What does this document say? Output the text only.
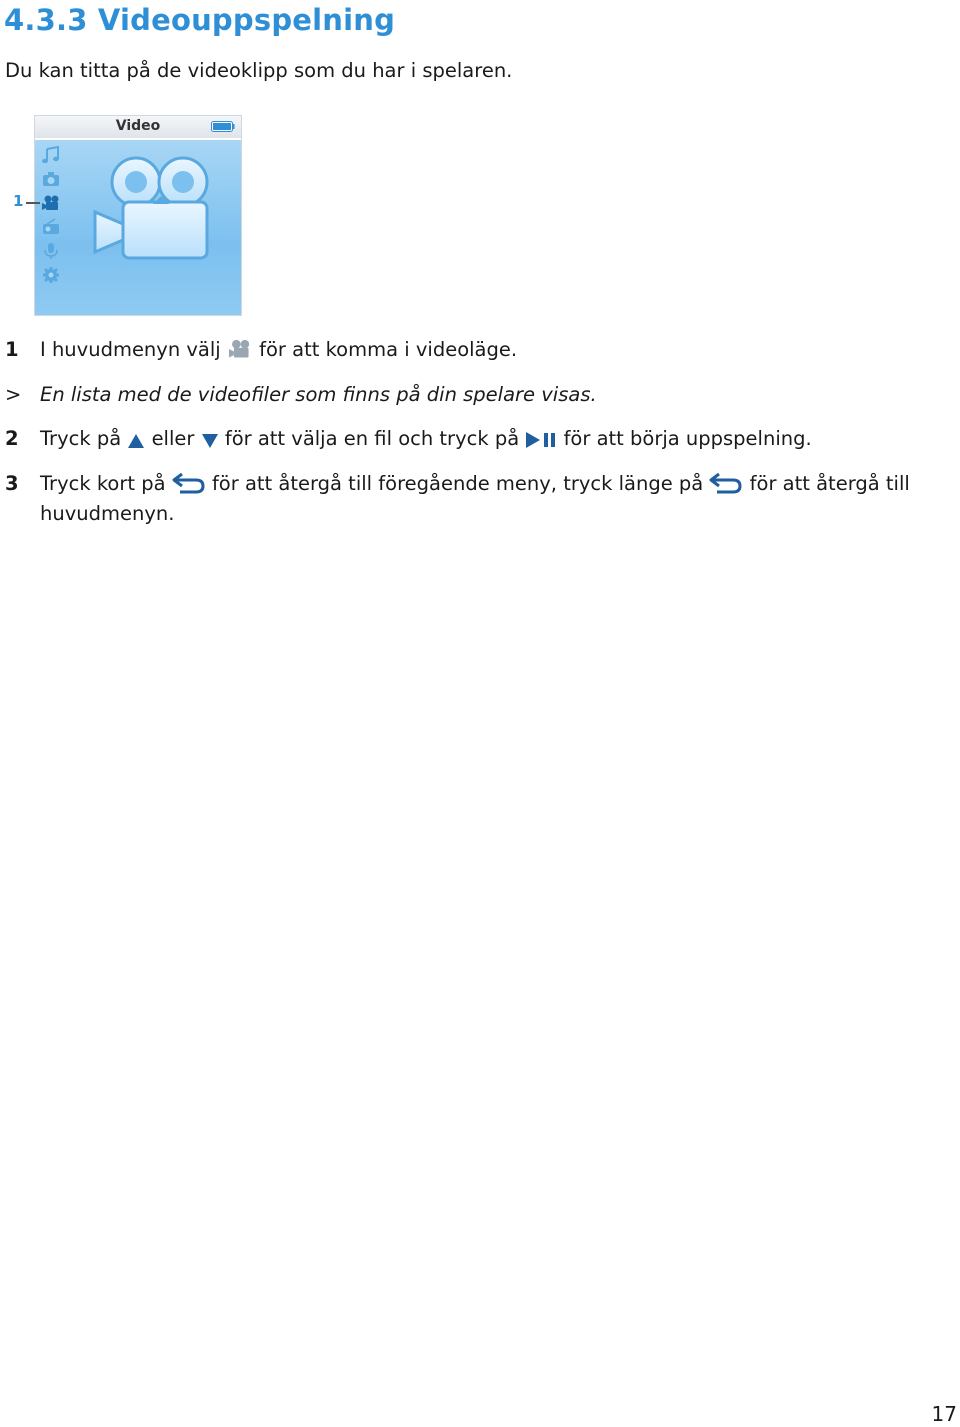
4.3.3 Videouppspelning

Du kan titta på de videoklipp som du har i spelaren.

Video
1
1 I huvudmenyn välj för att komma i videoläge.
> En lista med de videofiler som finns på din spelare visas.
2 Tryck på eller för att välja en fil och tryck på för att börja uppspelning.
3 Tryck kort på för att återgå till föregående meny, tryck länge på för att återgå till
huvudmenyn.
17
